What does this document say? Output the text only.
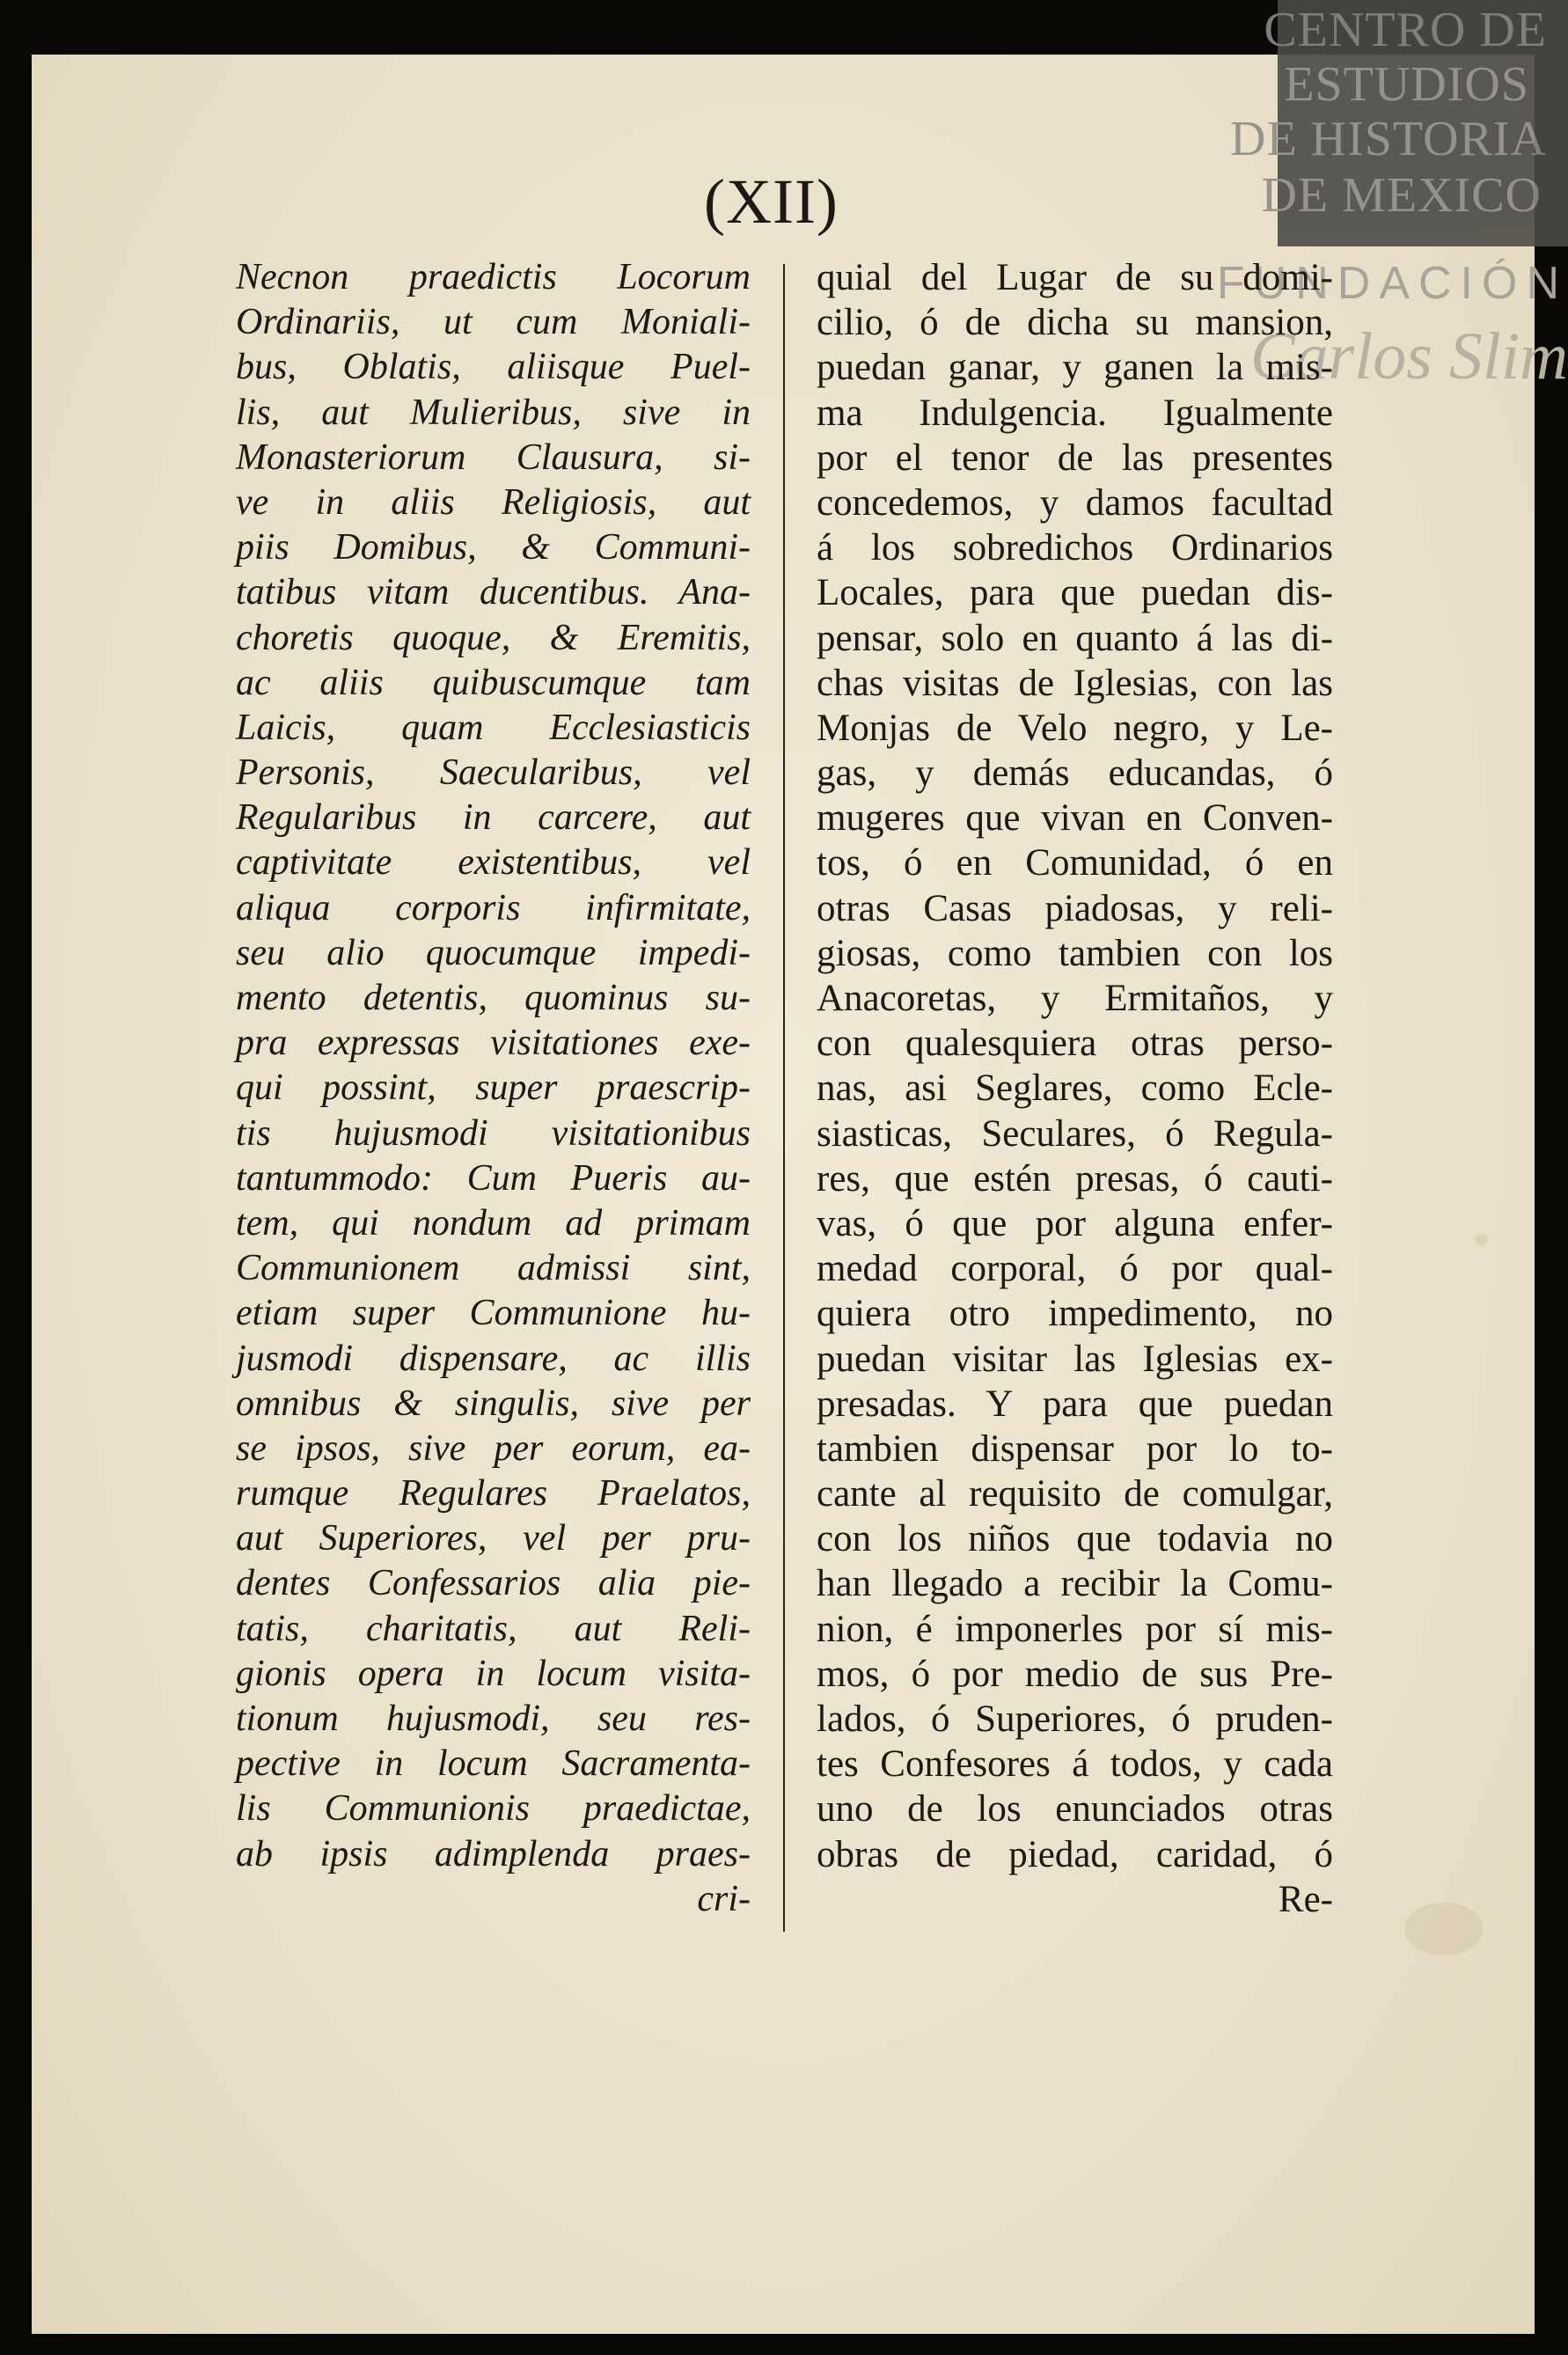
CENTRO DE
ESTUDIOS
DE HISTORIA
DE MEXICO
FUNDACIÓN
Carlos Slim
(XII)
Necnon praedictis Locorum
Ordinariis, ut cum Moniali-
bus, Oblatis, aliisque Puel-
lis, aut Mulieribus, sive in
Monasteriorum Clausura, si-
ve in aliis Religiosis, aut
piis Domibus, & Communi-
tatibus vitam ducentibus. Ana-
choretis quoque, & Eremitis,
ac aliis quibuscumque tam
Laicis, quam Ecclesiasticis
Personis, Saecularibus, vel
Regularibus in carcere, aut
captivitate existentibus, vel
aliqua corporis infirmitate,
seu alio quocumque impedi-
mento detentis, quominus su-
pra expressas visitationes exe-
qui possint, super praescrip-
tis hujusmodi visitationibus
tantummodo: Cum Pueris au-
tem, qui nondum ad primam
Communionem admissi sint,
etiam super Communione hu-
jusmodi dispensare, ac illis
omnibus & singulis, sive per
se ipsos, sive per eorum, ea-
rumque Regulares Praelatos,
aut Superiores, vel per pru-
dentes Confessarios alia pie-
tatis, charitatis, aut Reli-
gionis opera in locum visita-
tionum hujusmodi, seu res-
pective in locum Sacramenta-
lis Communionis praedictae,
ab ipsis adimplenda praes-
cri-
quial del Lugar de su domi-
cilio, ó de dicha su mansion,
puedan ganar, y ganen la mis-
ma Indulgencia. Igualmente
por el tenor de las presentes
concedemos, y damos facultad
á los sobredichos Ordinarios
Locales, para que puedan dis-
pensar, solo en quanto á las di-
chas visitas de Iglesias, con las
Monjas de Velo negro, y Le-
gas, y demás educandas, ó
mugeres que vivan en Conven-
tos, ó en Comunidad, ó en
otras Casas piadosas, y reli-
giosas, como tambien con los
Anacoretas, y Ermitaños, y
con qualesquiera otras perso-
nas, asi Seglares, como Ecle-
siasticas, Seculares, ó Regula-
res, que estén presas, ó cauti-
vas, ó que por alguna enfer-
medad corporal, ó por qual-
quiera otro impedimento, no
puedan visitar las Iglesias ex-
presadas. Y para que puedan
tambien dispensar por lo to-
cante al requisito de comulgar,
con los niños que todavia no
han llegado a recibir la Comu-
nion, é imponerles por sí mis-
mos, ó por medio de sus Pre-
lados, ó Superiores, ó pruden-
tes Confesores á todos, y cada
uno de los enunciados otras
obras de piedad, caridad, ó
Re-
